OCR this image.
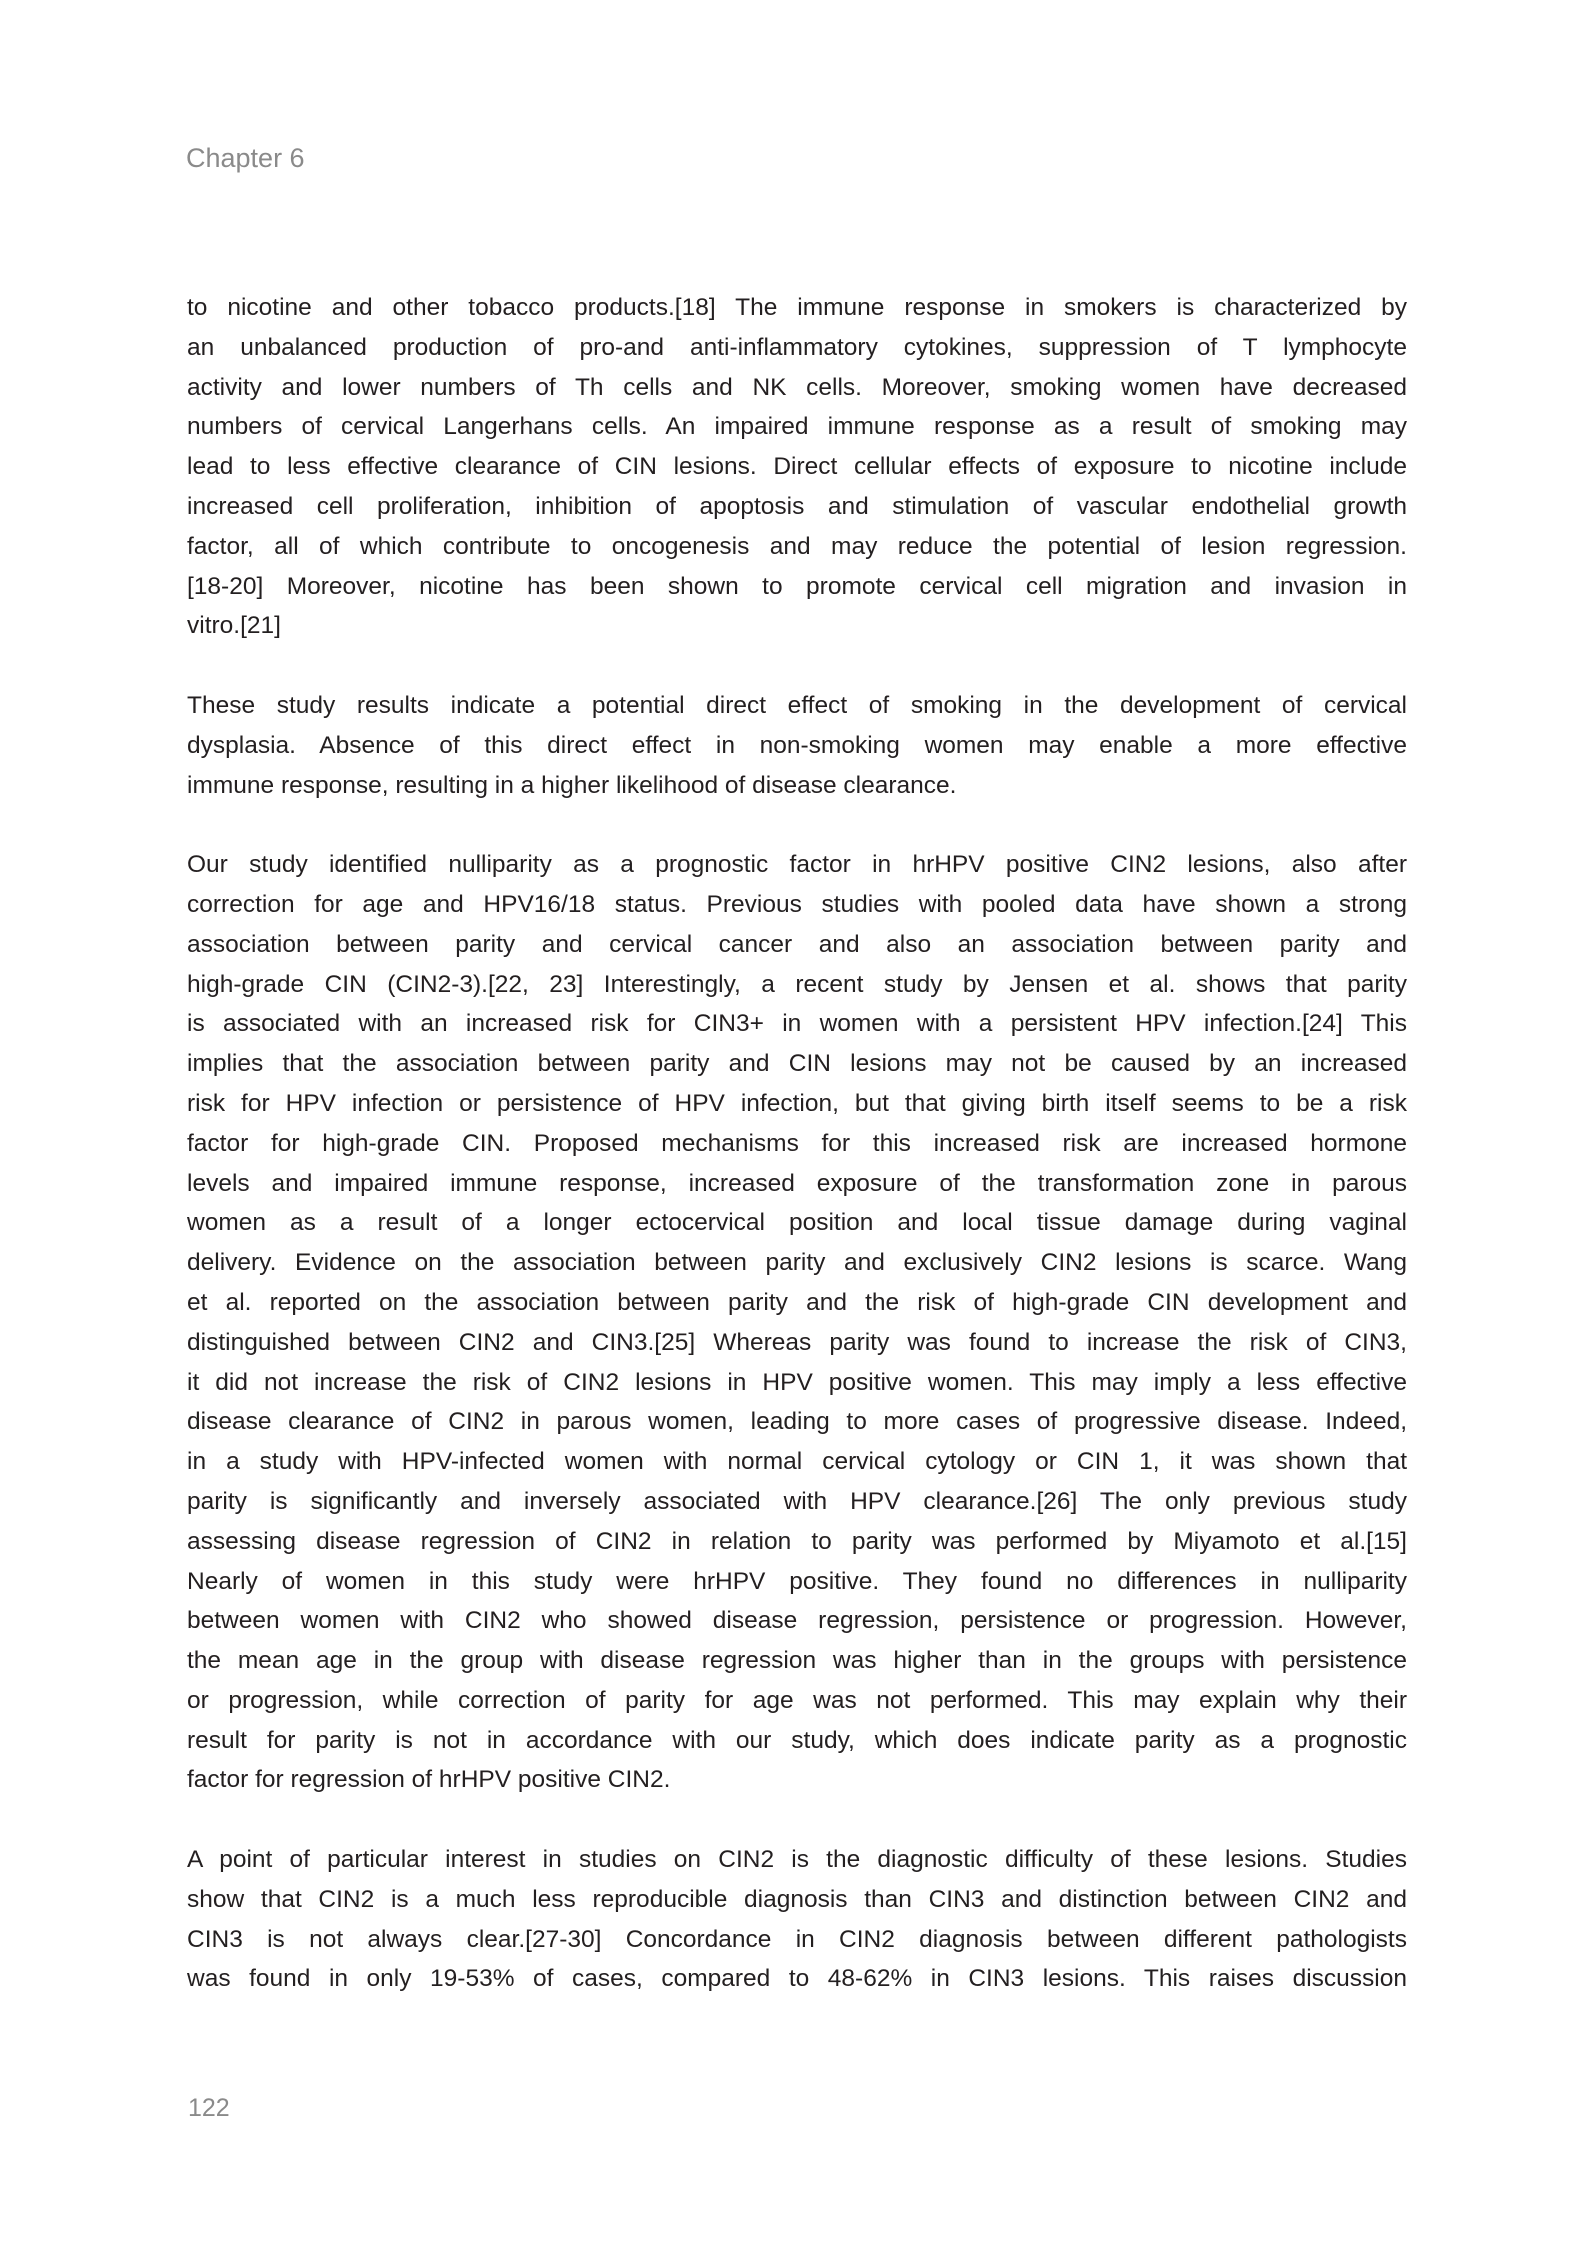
Chapter 6
to nicotine and other tobacco products.[18] The immune response in smokers is characterized by
an unbalanced production of pro-and anti-inflammatory cytokines, suppression of T lymphocyte
activity and lower numbers of Th cells and NK cells. Moreover, smoking women have decreased
numbers of cervical Langerhans cells. An impaired immune response as a result of smoking may
lead to less effective clearance of CIN lesions. Direct cellular effects of exposure to nicotine include
increased cell proliferation, inhibition of apoptosis and stimulation of vascular endothelial growth
factor, all of which contribute to oncogenesis and may reduce the potential of lesion regression.
[18-20] Moreover, nicotine has been shown to promote cervical cell migration and invasion in
vitro.[21]
These study results indicate a potential direct effect of smoking in the development of cervical
dysplasia. Absence of this direct effect in non-smoking women may enable a more effective
immune response, resulting in a higher likelihood of disease clearance.
Our study identified nulliparity as a prognostic factor in hrHPV positive CIN2 lesions, also after
correction for age and HPV16/18 status. Previous studies with pooled data have shown a strong
association between parity and cervical cancer and also an association between parity and
high-grade CIN (CIN2-3).[22, 23] Interestingly, a recent study by Jensen et al. shows that parity
is associated with an increased risk for CIN3+ in women with a persistent HPV infection.[24] This
implies that the association between parity and CIN lesions may not be caused by an increased
risk for HPV infection or persistence of HPV infection, but that giving birth itself seems to be a risk
factor for high-grade CIN. Proposed mechanisms for this increased risk are increased hormone
levels and impaired immune response, increased exposure of the transformation zone in parous
women as a result of a longer ectocervical position and local tissue damage during vaginal
delivery. Evidence on the association between parity and exclusively CIN2 lesions is scarce. Wang
et al. reported on the association between parity and the risk of high-grade CIN development and
distinguished between CIN2 and CIN3.[25] Whereas parity was found to increase the risk of CIN3,
it did not increase the risk of CIN2 lesions in HPV positive women. This may imply a less effective
disease clearance of CIN2 in parous women, leading to more cases of progressive disease. Indeed,
in a study with HPV-infected women with normal cervical cytology or CIN 1, it was shown that
parity is significantly and inversely associated with HPV clearance.[26] The only previous study
assessing disease regression of CIN2 in relation to parity was performed by Miyamoto et al.[15]
Nearly of women in this study were hrHPV positive. They found no differences in nulliparity
between women with CIN2 who showed disease regression, persistence or progression. However,
the mean age in the group with disease regression was higher than in the groups with persistence
or progression, while correction of parity for age was not performed. This may explain why their
result for parity is not in accordance with our study, which does indicate parity as a prognostic
factor for regression of hrHPV positive CIN2.
A point of particular interest in studies on CIN2 is the diagnostic difficulty of these lesions. Studies
show that CIN2 is a much less reproducible diagnosis than CIN3 and distinction between CIN2 and
CIN3 is not always clear.[27-30] Concordance in CIN2 diagnosis between different pathologists
was found in only 19-53% of cases, compared to 48-62% in CIN3 lesions. This raises discussion
122
